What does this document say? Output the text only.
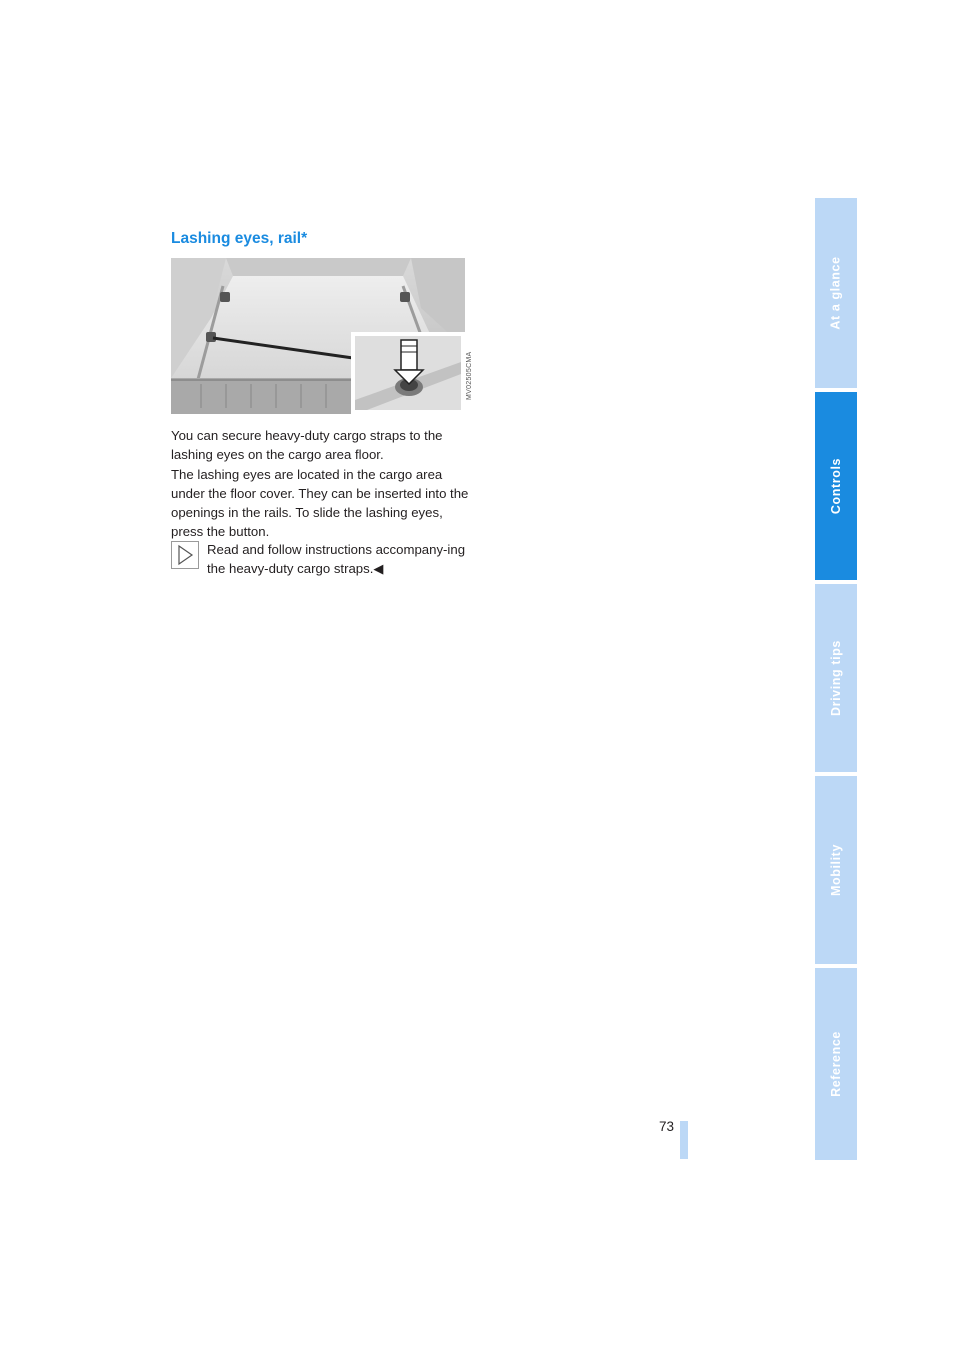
Lashing eyes, rail*
MV02505CMA

You can secure heavy-duty cargo straps to the lashing eyes on the cargo area floor.

The lashing eyes are located in the cargo area under the floor cover. They can be inserted into the openings in the rails. To slide the lashing eyes, press the button.

Read and follow instructions accompany-ing the heavy-duty cargo straps.◀

73
At a glance
Controls
Driving tips
Mobility
Reference
